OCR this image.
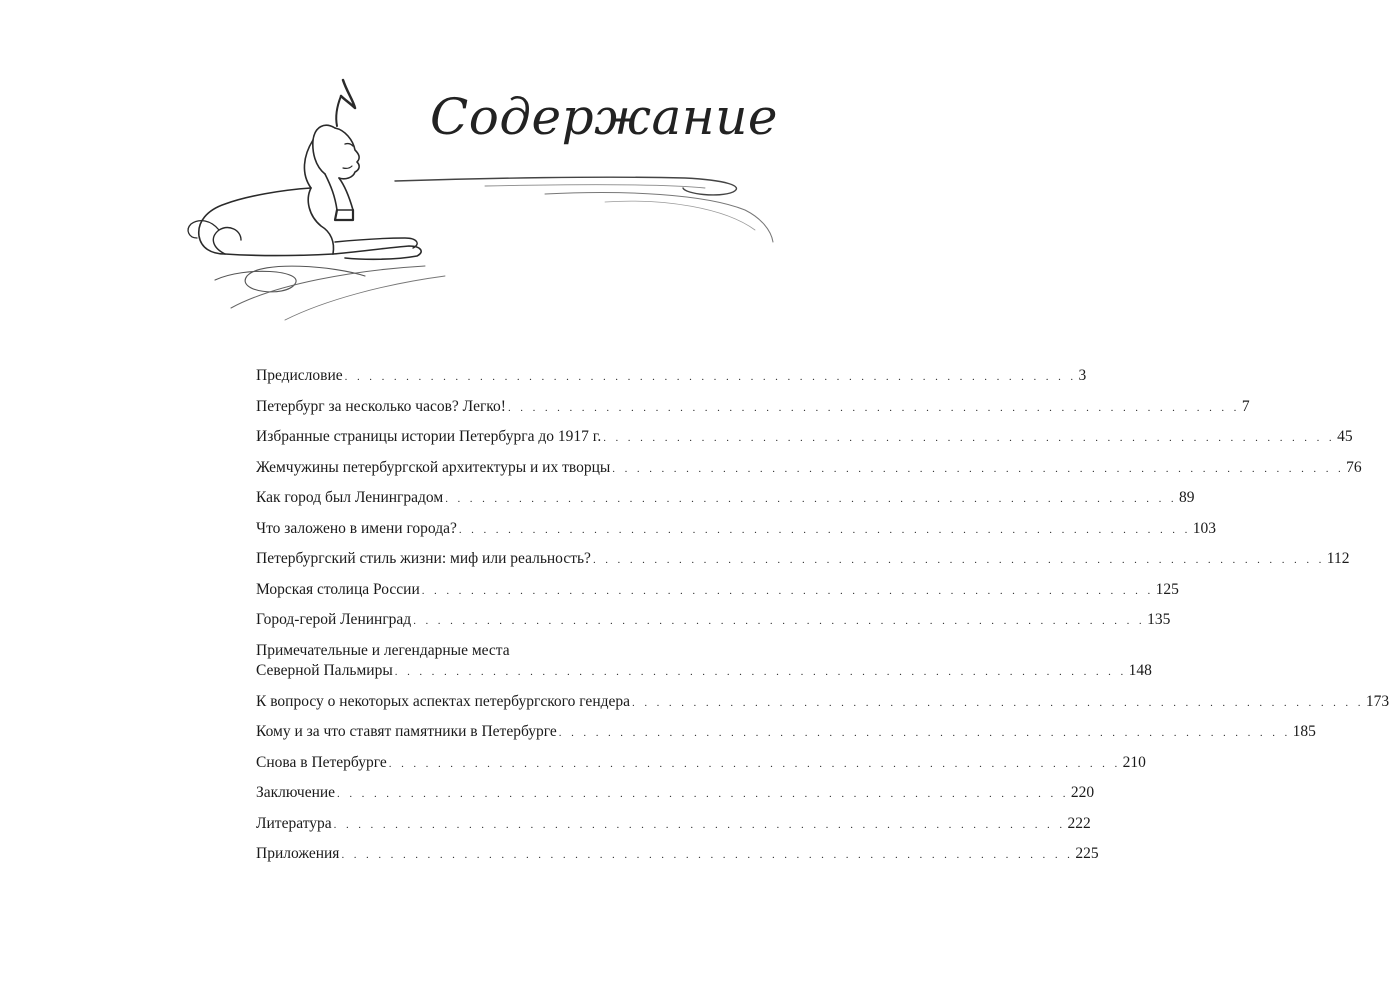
Содержание
Предисловие . . . . . . . . . . . . . . . . . . . . . . . . . . . . . . . . . . . . . . . . . . . . . . . . . . . . . . . . . . . . 3
Петербург за несколько часов? Легко! . . . . . . . . . . . . . . . . . . . . . . . . . . . . . . . . . . . . . . . . . . . . . . . . . . . . . . . . . . . . 7
Избранные страницы истории Петербурга до 1917 г. . . . . . . . . . . . . . . . . . . . . . . . . . . . . . . . . . . . . . . . . . . . . . . . . . . . . . . . . . . . . 45
Жемчужины петербургской архитектуры и их творцы . . . . . . . . . . . . . . . . . . . . . . . . . . . . . . . . . . . . . . . . . . . . . . . . . . . . . . . . . . . . 76
Как город был Ленинградом . . . . . . . . . . . . . . . . . . . . . . . . . . . . . . . . . . . . . . . . . . . . . . . . . . . . . . . . . . . . 89
Что заложено в имени города? . . . . . . . . . . . . . . . . . . . . . . . . . . . . . . . . . . . . . . . . . . . . . . . . . . . . . . . . . . . . 103
Петербургский стиль жизни: миф или реальность? . . . . . . . . . . . . . . . . . . . . . . . . . . . . . . . . . . . . . . . . . . . . . . . . . . . . . . . . . . . . 112
Морская столица России . . . . . . . . . . . . . . . . . . . . . . . . . . . . . . . . . . . . . . . . . . . . . . . . . . . . . . . . . . . . 125
Город-герой Ленинград . . . . . . . . . . . . . . . . . . . . . . . . . . . . . . . . . . . . . . . . . . . . . . . . . . . . . . . . . . . . 135
Примечательные и легендарные места
Северной Пальмиры . . . . . . . . . . . . . . . . . . . . . . . . . . . . . . . . . . . . . . . . . . . . . . . . . . . . . . . . . . . . 148
К вопросу о некоторых аспектах петербургского гендера . . . . . . . . . . . . . . . . . . . . . . . . . . . . . . . . . . . . . . . . . . . . . . . . . . . . . . . . . . . . 173
Кому и за что ставят памятники в Петербурге . . . . . . . . . . . . . . . . . . . . . . . . . . . . . . . . . . . . . . . . . . . . . . . . . . . . . . . . . . . . 185
Снова в Петербурге . . . . . . . . . . . . . . . . . . . . . . . . . . . . . . . . . . . . . . . . . . . . . . . . . . . . . . . . . . . . 210
Заключение . . . . . . . . . . . . . . . . . . . . . . . . . . . . . . . . . . . . . . . . . . . . . . . . . . . . . . . . . . . . 220
Литература . . . . . . . . . . . . . . . . . . . . . . . . . . . . . . . . . . . . . . . . . . . . . . . . . . . . . . . . . . . . 222
Приложения . . . . . . . . . . . . . . . . . . . . . . . . . . . . . . . . . . . . . . . . . . . . . . . . . . . . . . . . . . . . 225
